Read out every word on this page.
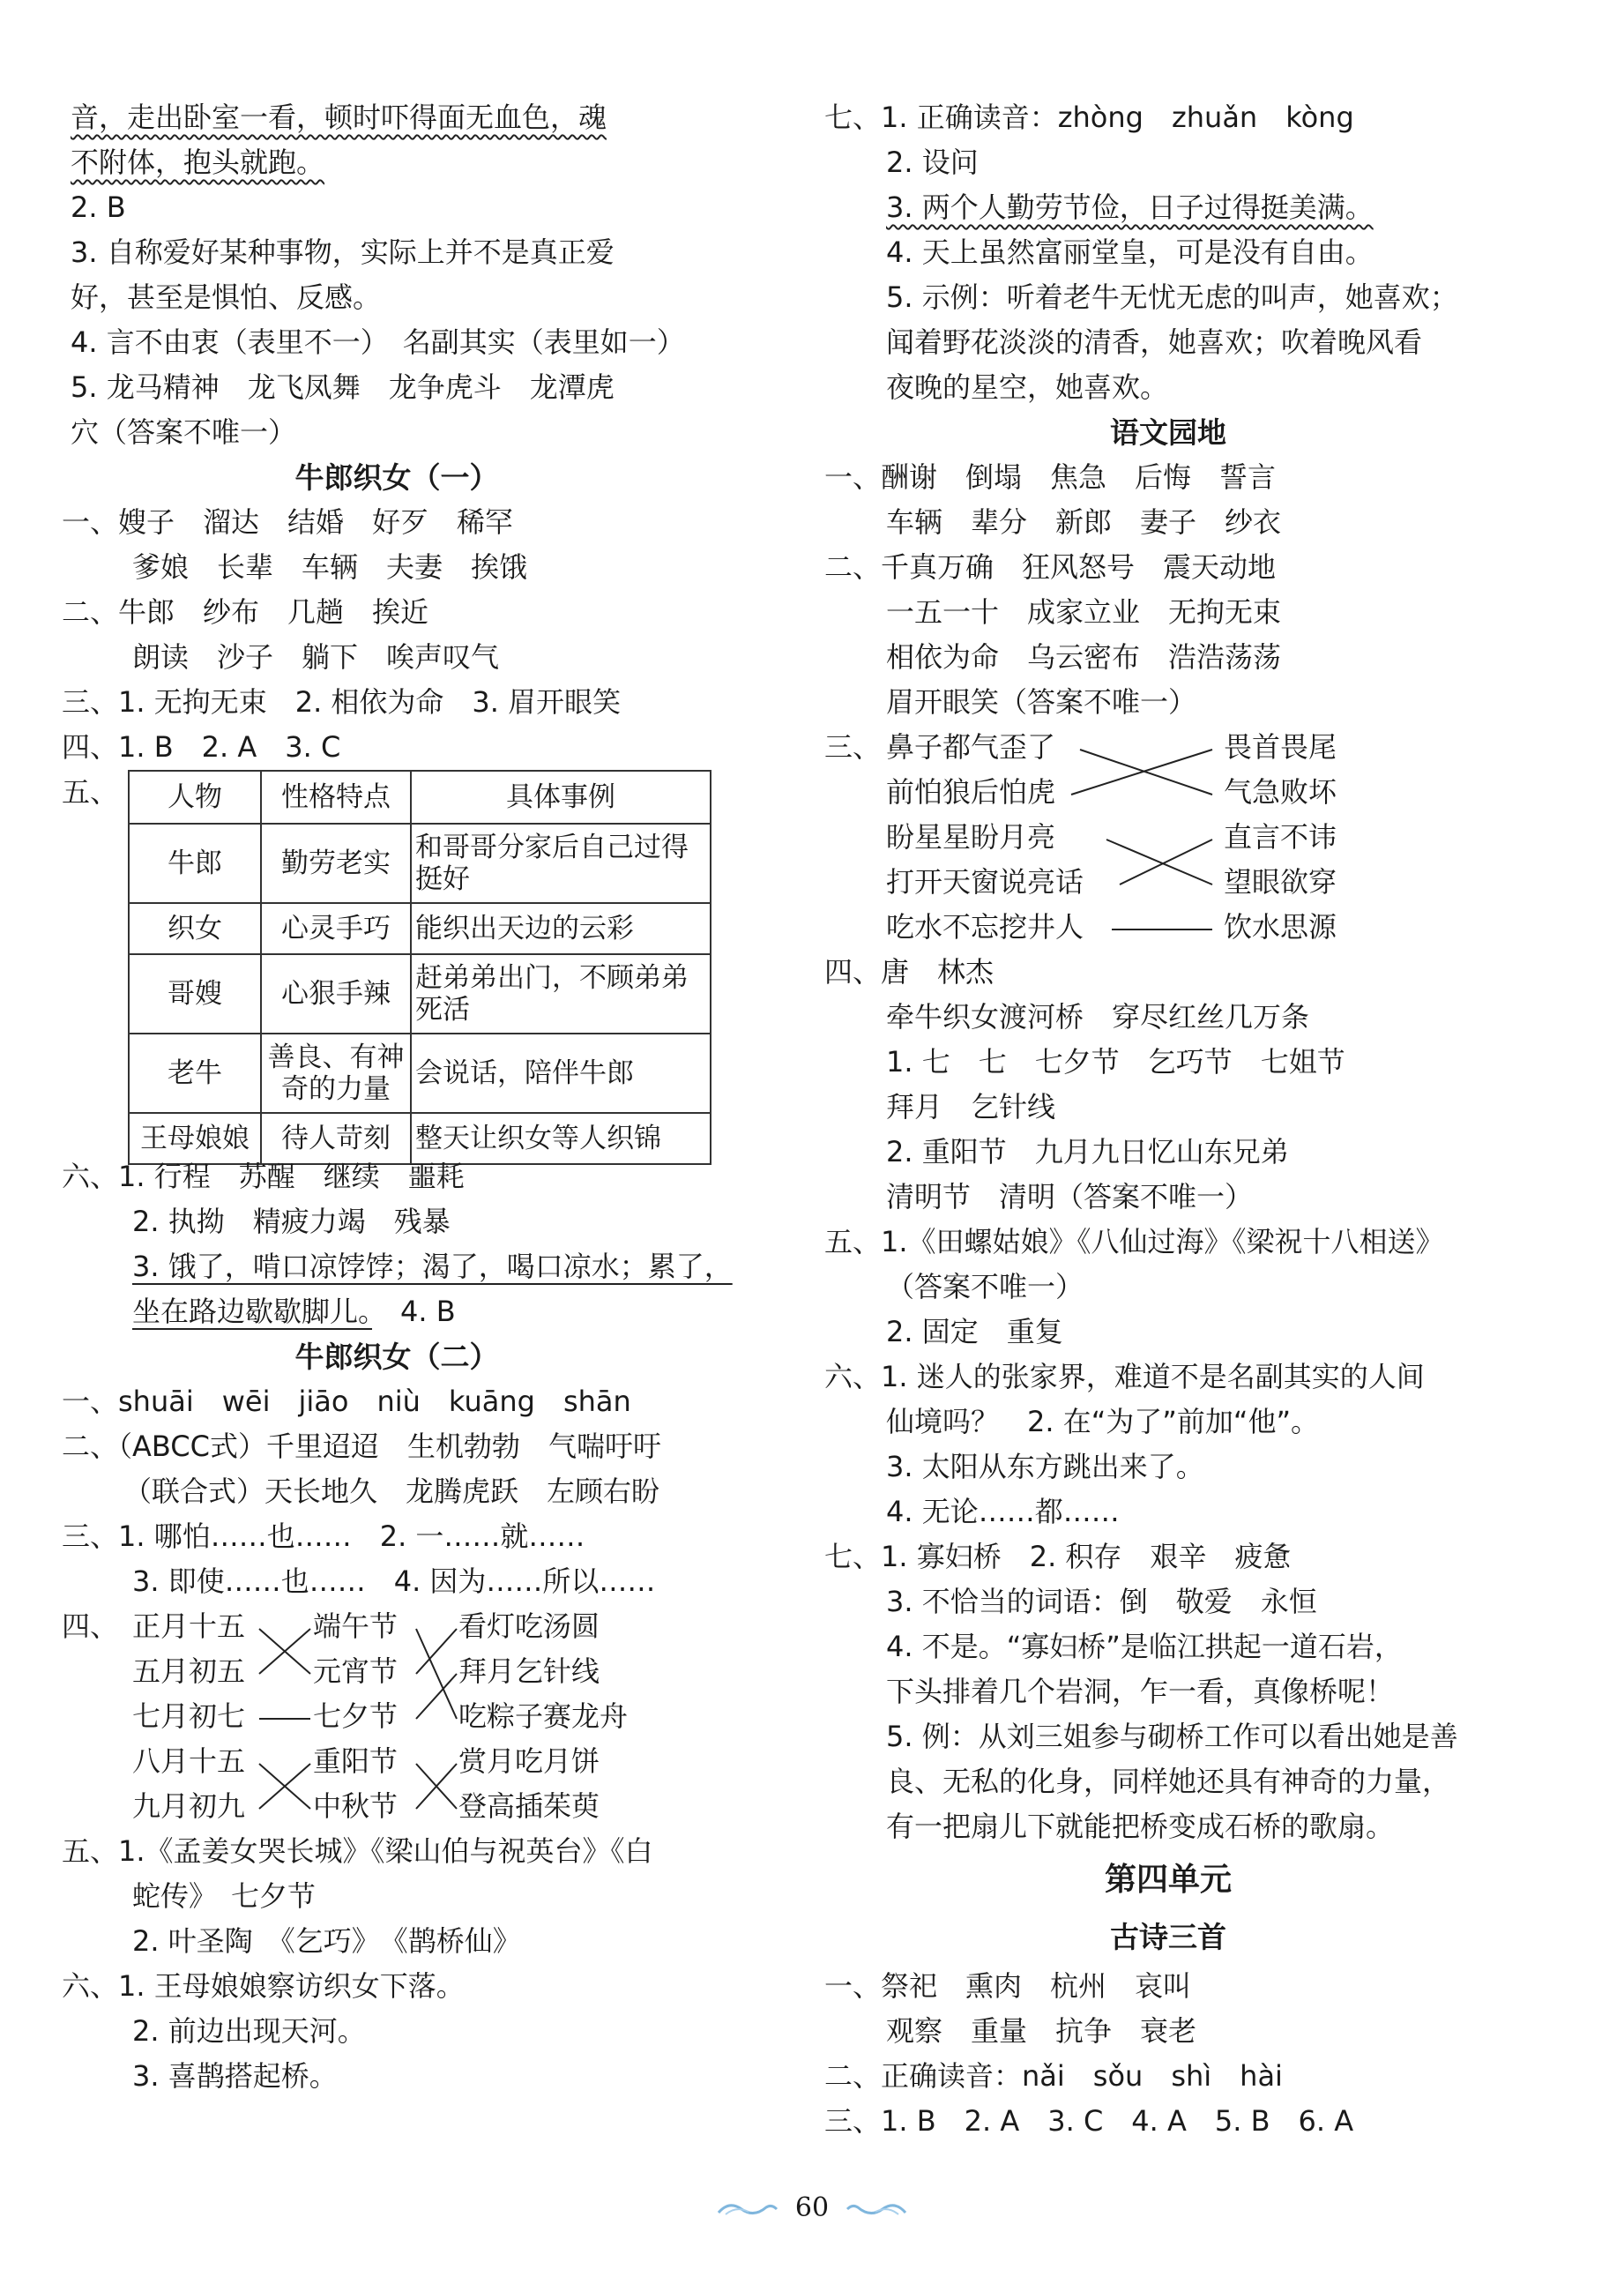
音，走出卧室一看，顿时吓得面无血色，魂
不附体，抱头就跑。
2. B
3. 自称爱好某种事物，实际上并不是真正爱
好，甚至是惧怕、反感。
4. 言不由衷（表里不一）　名副其实（表里如一）
5. 龙马精神　龙飞凤舞　龙争虎斗　龙潭虎
穴（答案不唯一）
牛郎织女（一）
一、嫂子　溜达　结婚　好歹　稀罕
爹娘　长辈　车辆　夫妻　挨饿
二、牛郎　纱布　几趟　挨近
朗读　沙子　躺下　唉声叹气
三、1. 无拘无束　2. 相依为命　3. 眉开眼笑
四、1. B　2. A　3. C
五、 人物	性格特点	具体事例
牛郎	勤劳老实	和哥哥分家后自己过得挺好
织女	心灵手巧	能织出天边的云彩
哥嫂	心狠手辣	赶弟弟出门，不顾弟弟死活
老牛	善良、有神奇的力量	会说话，陪伴牛郎
王母娘娘	待人苛刻	整天让织女等人织锦
六、1. 行程　苏醒　继续　噩耗
2. 执拗　精疲力竭　残暴
3. 饿了，啃口凉饽饽；渴了，喝口凉水；累了，
坐在路边歇歇脚儿。　 4. B
牛郎织女（二）
一、shuāi　wēi　jiāo　niù　kuāng　shān
二、（ABCC式）千里迢迢　生机勃勃　气喘吁吁
（联合式）天长地久　龙腾虎跃　左顾右盼
三、1. 哪怕……也……　2. 一……就……
3. 即使……也……　4. 因为……所以……
四、 正月十五
五月初五
七月初七
八月十五
九月初九
端午节
元宵节
七夕节
重阳节
中秋节
看灯吃汤圆
拜月乞针线
吃粽子赛龙舟
赏月吃月饼
登高插茱萸
五、1.《孟姜女哭长城》《梁山伯与祝英台》《白
蛇传》　七夕节
2. 叶圣陶　《乞巧》　《鹊桥仙》
六、1. 王母娘娘察访织女下落。
2. 前边出现天河。
3. 喜鹊搭起桥。
七、1. 正确读音：zhòng　zhuǎn　kòng
2. 设问
3. 两个人勤劳节俭，日子过得挺美满。
4. 天上虽然富丽堂皇，可是没有自由。
5. 示例：听着老牛无忧无虑的叫声，她喜欢；
闻着野花淡淡的清香，她喜欢；吹着晚风看
夜晚的星空，她喜欢。
语文园地
一、酬谢　倒塌　焦急　后悔　誓言
车辆　辈分　新郎　妻子　纱衣
二、千真万确　狂风怒号　震天动地
一五一十　成家立业　无拘无束
相依为命　乌云密布　浩浩荡荡
眉开眼笑（答案不唯一）
三、 鼻子都气歪了
前怕狼后怕虎
盼星星盼月亮
打开天窗说亮话
吃水不忘挖井人
畏首畏尾
气急败坏
直言不讳
望眼欲穿
饮水思源
四、唐　林杰
牵牛织女渡河桥　穿尽红丝几万条
1. 七　七　七夕节　乞巧节　七姐节
拜月　乞针线
2. 重阳节　九月九日忆山东兄弟
清明节　清明（答案不唯一）
五、1.《田螺姑娘》《八仙过海》《梁祝十八相送》
（答案不唯一）
2. 固定　重复
六、1. 迷人的张家界，难道不是名副其实的人间
仙境吗？　2. 在“为了”前加“他”。
3. 太阳从东方跳出来了。
4. 无论……都……
七、1. 寡妇桥　2. 积存　艰辛　疲惫
3. 不恰当的词语：倒　敬爱　永恒
4. 不是。“寡妇桥”是临江拱起一道石岩，
下头排着几个岩洞，乍一看，真像桥呢！
5. 例：从刘三姐参与砌桥工作可以看出她是善
良、无私的化身，同样她还具有神奇的力量，
有一把扇儿下就能把桥变成石桥的歌扇。
第四单元
古诗三首
一、祭祀　熏肉　杭州　哀叫
观察　重量　抗争　衰老
二、正确读音：nǎi　sǒu　shì　hài
三、1. B　2. A　3. C　4. A　5. B　6. A
60
